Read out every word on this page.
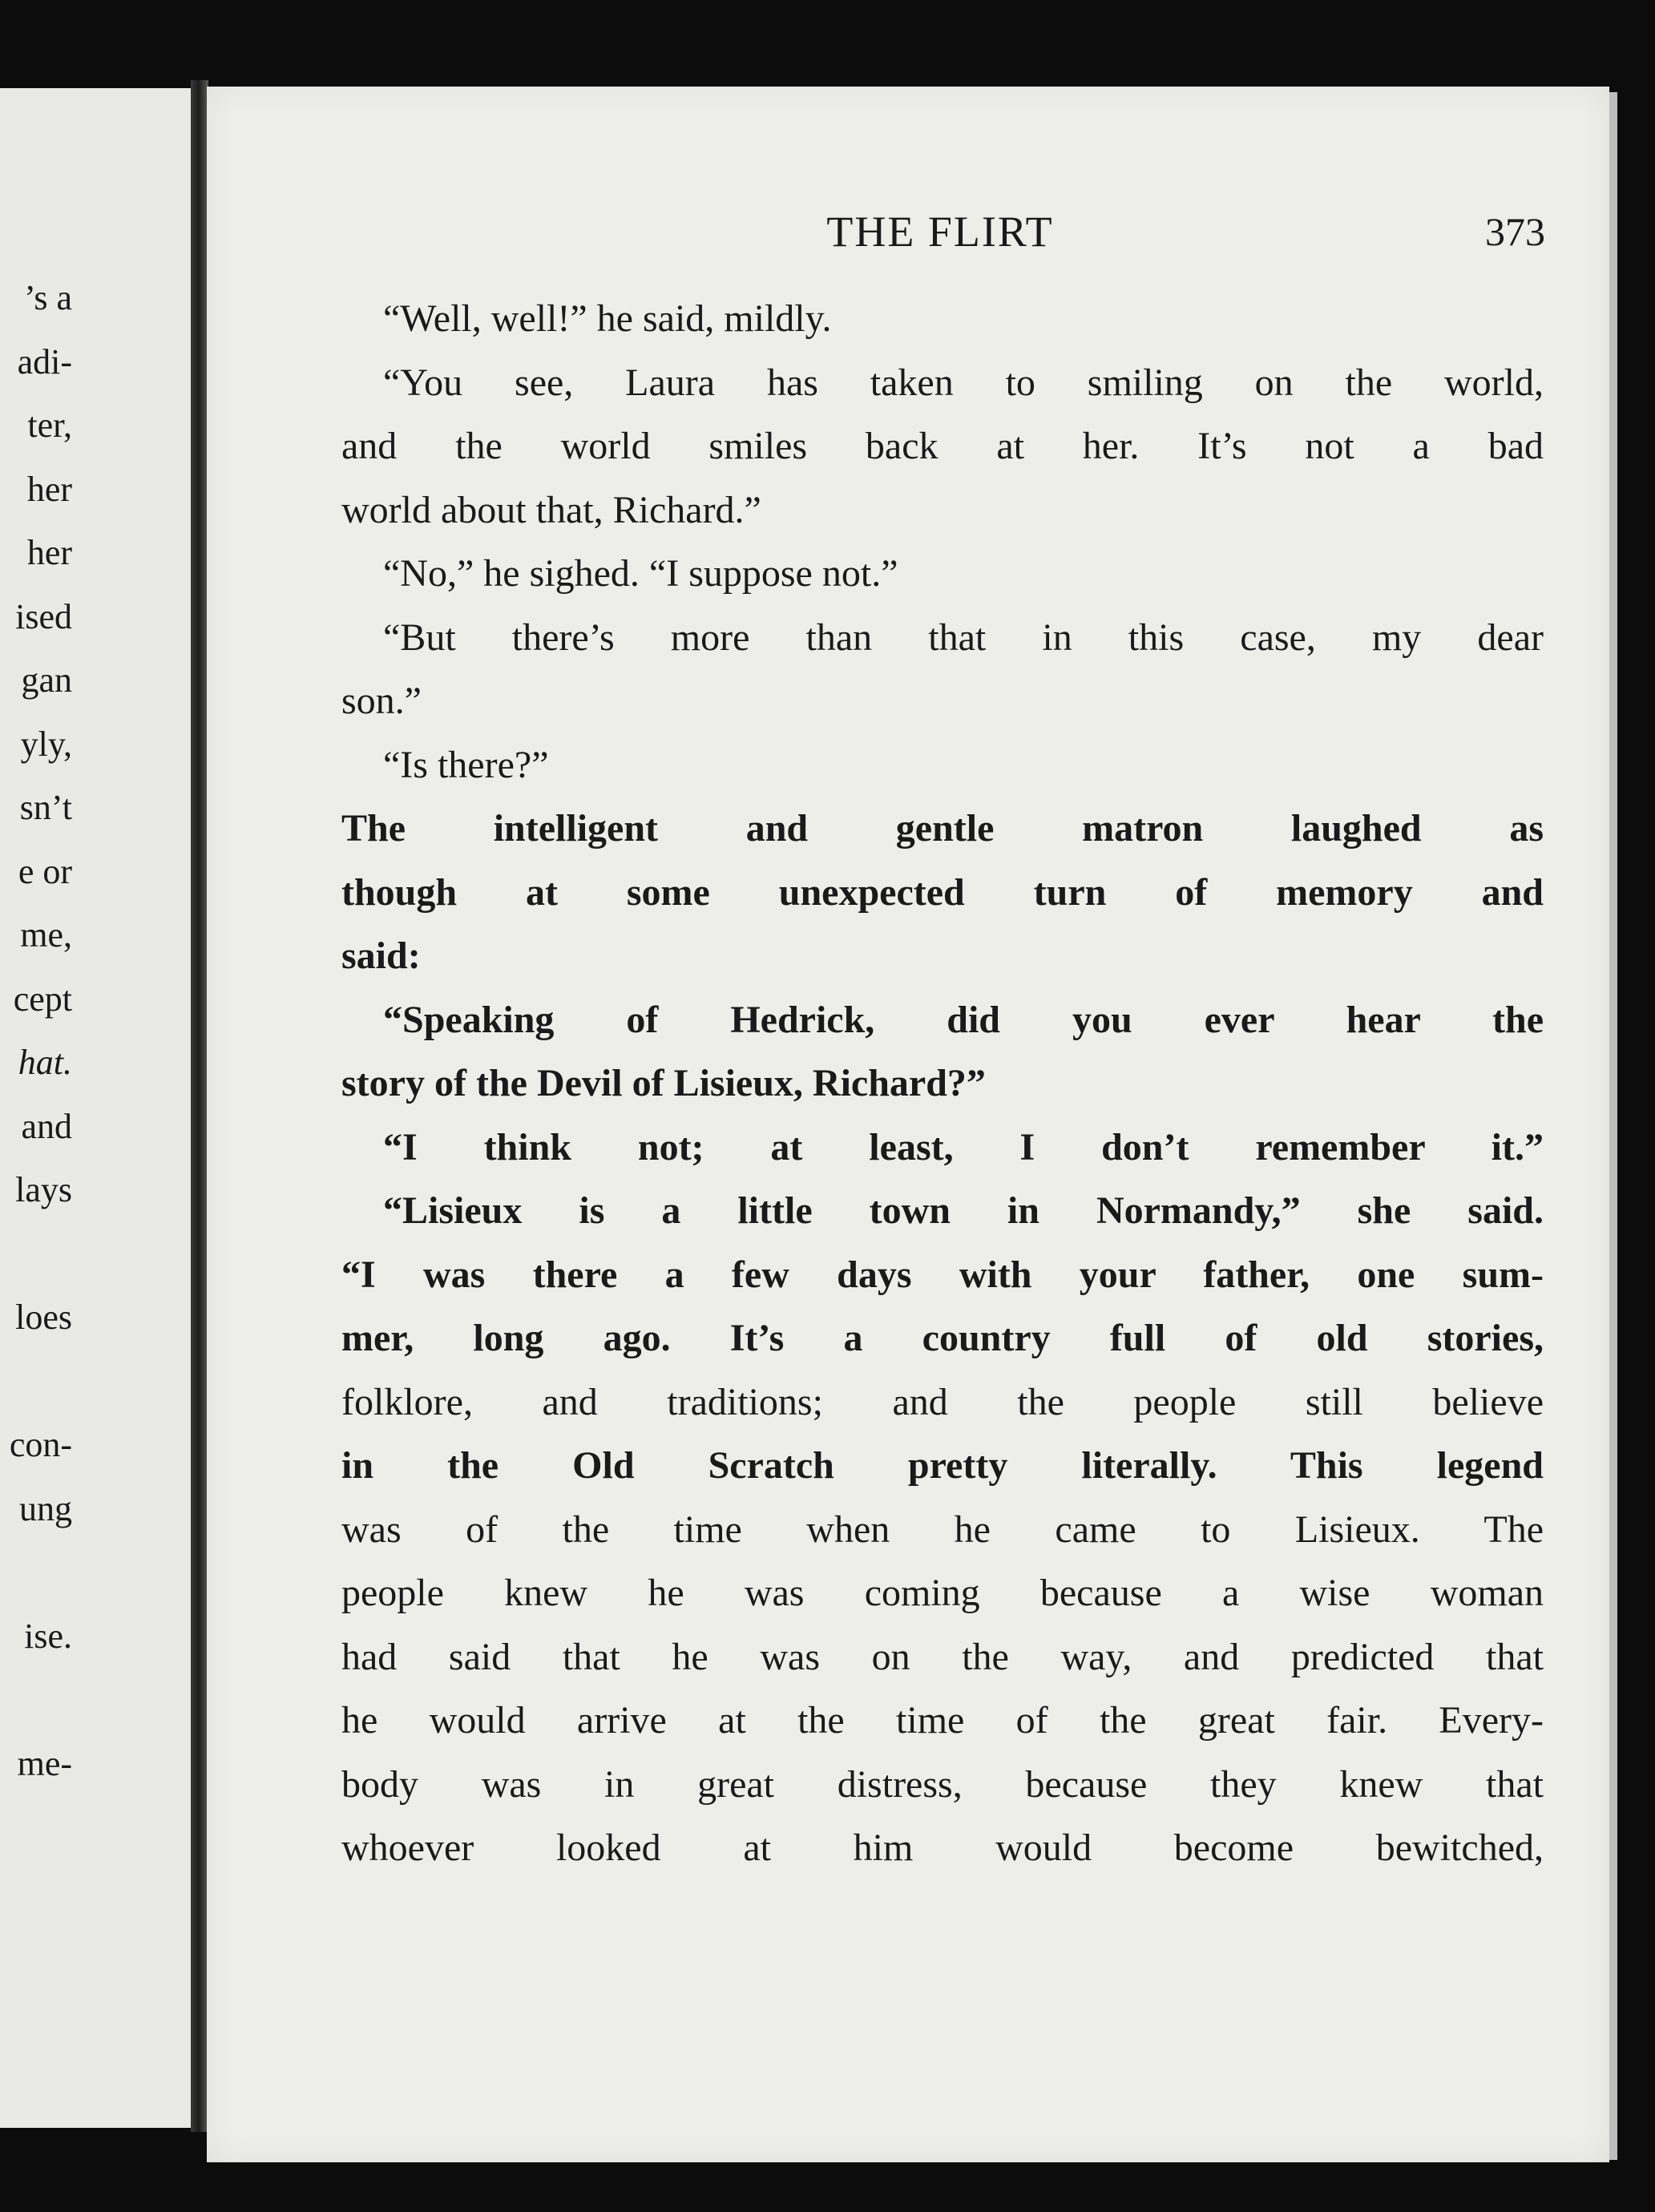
’s a
adi-
ter,
her
her
ised
gan
yly,
sn’t
e or
me,
cept
hat.
and
lays
loes
con-
ung
ise.
me-
THE FLIRT	373
“Well, well!” he said, mildly.
“You see, Laura has taken to smiling on the world,
and the world smiles back at her. It’s not a bad
world about that, Richard.”
“No,” he sighed. “I suppose not.”
“But there’s more than that in this case, my dear
son.”
“Is there?”
The intelligent and gentle matron laughed as
though at some unexpected turn of memory and
said:
“Speaking of Hedrick, did you ever hear the
story of the Devil of Lisieux, Richard?”
“I think not; at least, I don’t remember it.”
“Lisieux is a little town in Normandy,” she said.
“I was there a few days with your father, one sum-
mer, long ago. It’s a country full of old stories,
folklore, and traditions; and the people still believe
in the Old Scratch pretty literally. This legend
was of the time when he came to Lisieux. The
people knew he was coming because a wise woman
had said that he was on the way, and predicted that
he would arrive at the time of the great fair. Every-
body was in great distress, because they knew that
whoever looked at him would become bewitched,
